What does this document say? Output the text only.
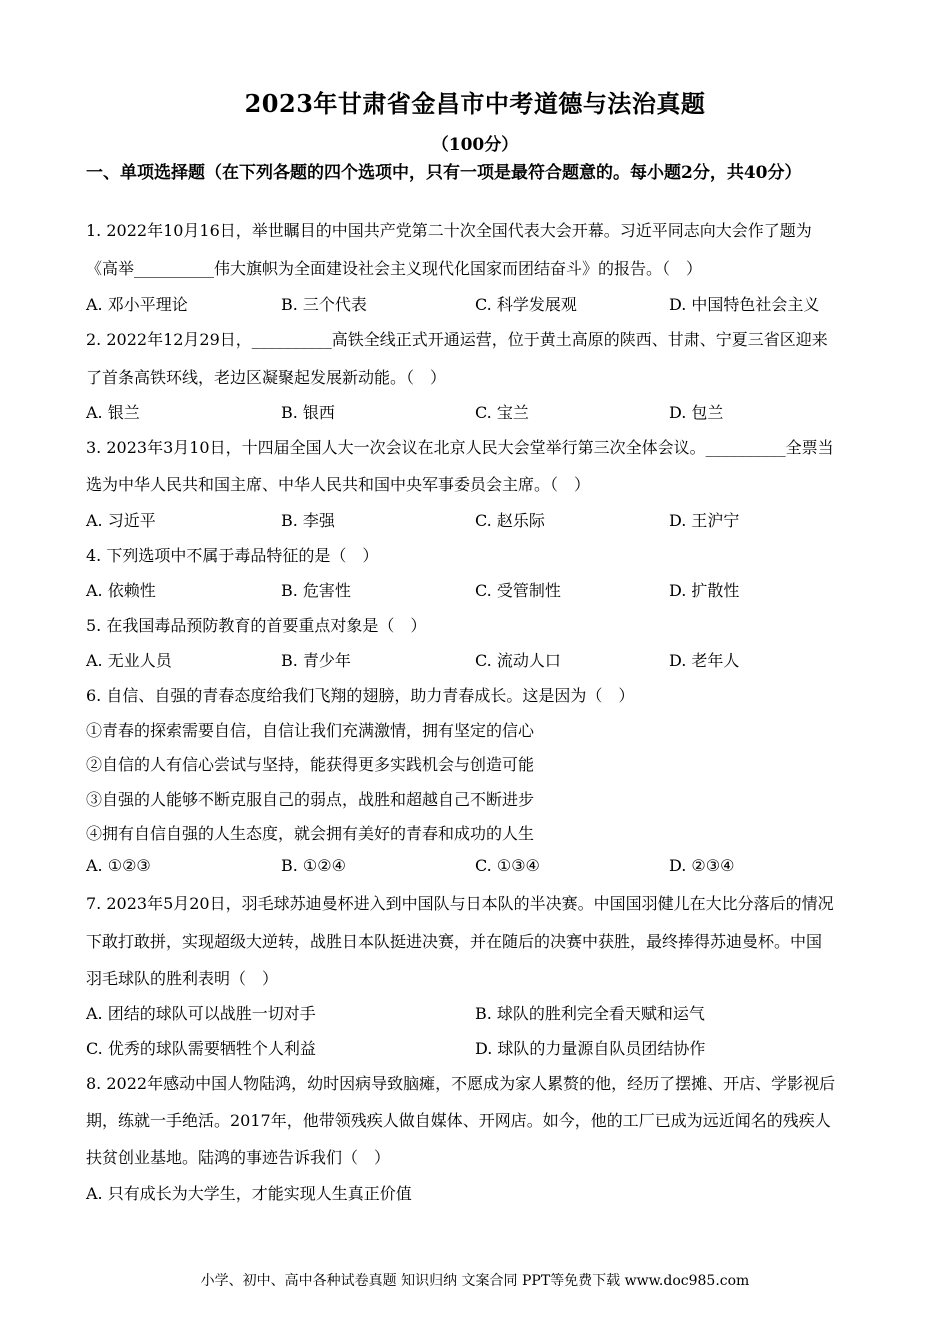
2023年甘肃省金昌市中考道德与法治真题
（100分）
一、单项选择题（在下列各题的四个选项中，只有一项是最符合题意的。每小题2分，共40分）
1. 2022年10月16日，举世瞩目的中国共产党第二十次全国代表大会开幕。习近平同志向大会作了题为
《高举__________伟大旗帜为全面建设社会主义现代化国家而团结奋斗》的报告。（　）
A. 邓小平理论	B. 三个代表	C. 科学发展观	D. 中国特色社会主义
2. 2022年12月29日，__________高铁全线正式开通运营，位于黄土高原的陕西、甘肃、宁夏三省区迎来
了首条高铁环线，老边区凝聚起发展新动能。（　）
A. 银兰	B. 银西	C. 宝兰	D. 包兰
3. 2023年3月10日，十四届全国人大一次会议在北京人民大会堂举行第三次全体会议。__________全票当
选为中华人民共和国主席、中华人民共和国中央军事委员会主席。（　）
A. 习近平	B. 李强	C. 赵乐际	D. 王沪宁
4. 下列选项中不属于毒品特征的是（　）
A. 依赖性	B. 危害性	C. 受管制性	D. 扩散性
5. 在我国毒品预防教育的首要重点对象是（　）
A. 无业人员	B. 青少年	C. 流动人口	D. 老年人
6. 自信、自强的青春态度给我们飞翔的翅膀，助力青春成长。这是因为（　）
①青春的探索需要自信，自信让我们充满激情，拥有坚定的信心
②自信的人有信心尝试与坚持，能获得更多实践机会与创造可能
③自强的人能够不断克服自己的弱点，战胜和超越自己不断进步
④拥有自信自强的人生态度，就会拥有美好的青春和成功的人生
A. ①②③	B. ①②④	C. ①③④	D. ②③④
7. 2023年5月20日，羽毛球苏迪曼杯进入到中国队与日本队的半决赛。中国国羽健儿在大比分落后的情况
下敢打敢拼，实现超级大逆转，战胜日本队挺进决赛，并在随后的决赛中获胜，最终捧得苏迪曼杯。中国
羽毛球队的胜利表明（　）
A. 团结的球队可以战胜一切对手	B. 球队的胜利完全看天赋和运气
C. 优秀的球队需要牺牲个人利益	D. 球队的力量源自队员团结协作
8. 2022年感动中国人物陆鸿，幼时因病导致脑瘫，不愿成为家人累赘的他，经历了摆摊、开店、学影视后
期，练就一手绝活。2017年，他带领残疾人做自媒体、开网店。如今，他的工厂已成为远近闻名的残疾人
扶贫创业基地。陆鸿的事迹告诉我们（　）
A. 只有成长为大学生，才能实现人生真正价值
小学、初中、高中各种试卷真题 知识归纳 文案合同 PPT等免费下载 www.doc985.com
